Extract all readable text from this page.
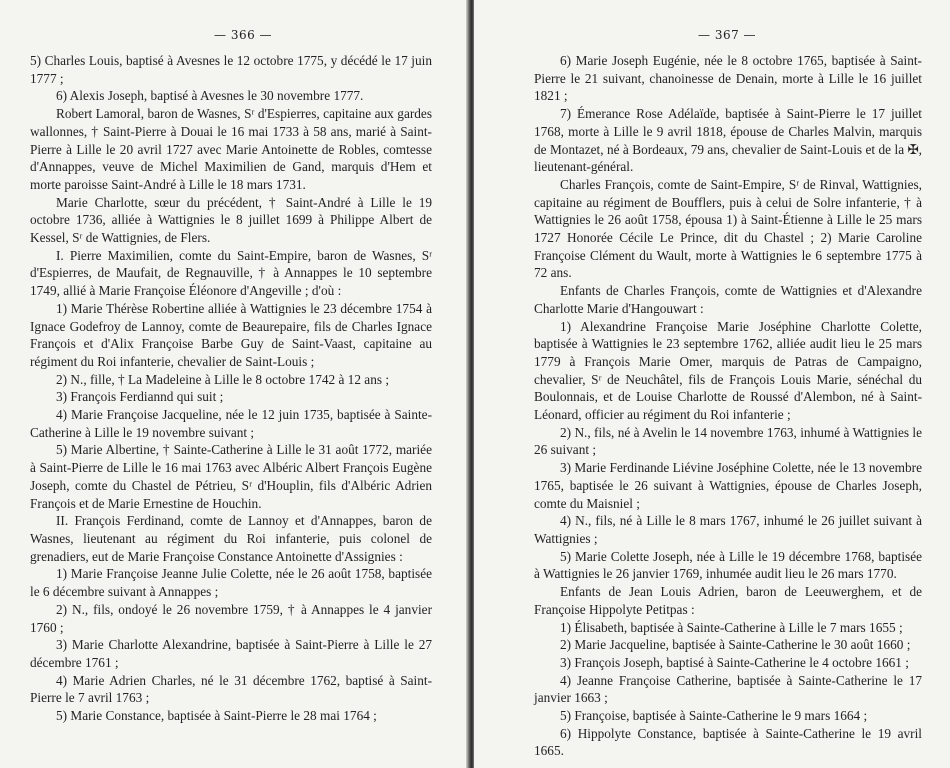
— 366 —

5) Charles Louis, baptisé à Avesnes le 12 octobre 1775, y décédé le 17 juin 1777 ;

6) Alexis Joseph, baptisé à Avesnes le 30 novembre 1777.

Robert Lamoral, baron de Wasnes, Sʳ d'Espierres, capitaine aux gardes wallonnes, † Saint-Pierre à Douai le 16 mai 1733 à 58 ans, marié à Saint-Pierre à Lille le 20 avril 1727 avec Marie Antoinette de Robles, comtesse d'Annappes, veuve de Michel Maximilien de Gand, marquis d'Hem et morte paroisse Saint-André à Lille le 18 mars 1731.

Marie Charlotte, sœur du précédent, † Saint-André à Lille le 19 octobre 1736, alliée à Wattignies le 8 juillet 1699 à Philippe Albert de Kessel, Sʳ de Wattignies, de Flers.

I. Pierre Maximilien, comte du Saint-Empire, baron de Wasnes, Sʳ d'Espierres, de Maufait, de Regnauville, † à Annappes le 10 septembre 1749, allié à Marie Françoise Éléonore d'Angeville ; d'où :

1) Marie Thérèse Robertine alliée à Wattignies le 23 décembre 1754 à Ignace Godefroy de Lannoy, comte de Beaurepaire, fils de Charles Ignace François et d'Alix Françoise Barbe Guy de Saint-Vaast, capitaine au régiment du Roi infanterie, chevalier de Saint-Louis ;

2) N., fille, † La Madeleine à Lille le 8 octobre 1742 à 12 ans ;

3) François Ferdiannd qui suit ;

4) Marie Françoise Jacqueline, née le 12 juin 1735, baptisée à Sainte-Catherine à Lille le 19 novembre suivant ;

5) Marie Albertine, † Sainte-Catherine à Lille le 31 août 1772, mariée à Saint-Pierre de Lille le 16 mai 1763 avec Albéric Albert François Eugène Joseph, comte du Chastel de Pétrieu, Sʳ d'Houplin, fils d'Albéric Adrien François et de Marie Ernestine de Houchin.

II. François Ferdinand, comte de Lannoy et d'Annappes, baron de Wasnes, lieutenant au régiment du Roi infanterie, puis colonel de grenadiers, eut de Marie Françoise Constance Antoinette d'Assignies :

1) Marie Françoise Jeanne Julie Colette, née le 26 août 1758, baptisée le 6 décembre suivant à Annappes ;

2) N., fils, ondoyé le 26 novembre 1759, † à Annappes le 4 janvier 1760 ;

3) Marie Charlotte Alexandrine, baptisée à Saint-Pierre à Lille le 27 décembre 1761 ;

4) Marie Adrien Charles, né le 31 décembre 1762, baptisé à Saint-Pierre le 7 avril 1763 ;

5) Marie Constance, baptisée à Saint-Pierre le 28 mai 1764 ;

— 367 —

6) Marie Joseph Eugénie, née le 8 octobre 1765, baptisée à Saint-Pierre le 21 suivant, chanoinesse de Denain, morte à Lille le 16 juillet 1821 ;

7) Émerance Rose Adélaïde, baptisée à Saint-Pierre le 17 juillet 1768, morte à Lille le 9 avril 1818, épouse de Charles Malvin, marquis de Montazet, né à Bordeaux, 79 ans, chevalier de Saint-Louis et de la ✠, lieutenant-général.

Charles François, comte de Saint-Empire, Sʳ de Rinval, Wattignies, capitaine au régiment de Boufflers, puis à celui de Solre infanterie, † à Wattignies le 26 août 1758, épousa 1) à Saint-Étienne à Lille le 25 mars 1727 Honorée Cécile Le Prince, dit du Chastel ; 2) Marie Caroline Françoise Clément du Wault, morte à Wattignies le 6 septembre 1775 à 72 ans.

Enfants de Charles François, comte de Wattignies et d'Alexandre Charlotte Marie d'Hangouwart :

1) Alexandrine Françoise Marie Joséphine Charlotte Colette, baptisée à Wattignies le 23 septembre 1762, alliée audit lieu le 25 mars 1779 à François Marie Omer, marquis de Patras de Campaigno, chevalier, Sʳ de Neuchâtel, fils de François Louis Marie, sénéchal du Boulonnais, et de Louise Charlotte de Roussé d'Alembon, né à Saint-Léonard, officier au régiment du Roi infanterie ;

2) N., fils, né à Avelin le 14 novembre 1763, inhumé à Wattignies le 26 suivant ;

3) Marie Ferdinande Liévine Joséphine Colette, née le 13 novembre 1765, baptisée le 26 suivant à Wattignies, épouse de Charles Joseph, comte du Maisniel ;

4) N., fils, né à Lille le 8 mars 1767, inhumé le 26 juillet suivant à Wattignies ;

5) Marie Colette Joseph, née à Lille le 19 décembre 1768, baptisée à Wattignies le 26 janvier 1769, inhumée audit lieu le 26 mars 1770.

Enfants de Jean Louis Adrien, baron de Leeuwerghem, et de Françoise Hippolyte Petitpas :

1) Élisabeth, baptisée à Sainte-Catherine à Lille le 7 mars 1655 ;

2) Marie Jacqueline, baptisée à Sainte-Catherine le 30 août 1660 ;

3) François Joseph, baptisé à Sainte-Catherine le 4 octobre 1661 ;

4) Jeanne Françoise Catherine, baptisée à Sainte-Catherine le 17 janvier 1663 ;

5) Françoise, baptisée à Sainte-Catherine le 9 mars 1664 ;

6) Hippolyte Constance, baptisée à Sainte-Catherine le 19 avril 1665.
